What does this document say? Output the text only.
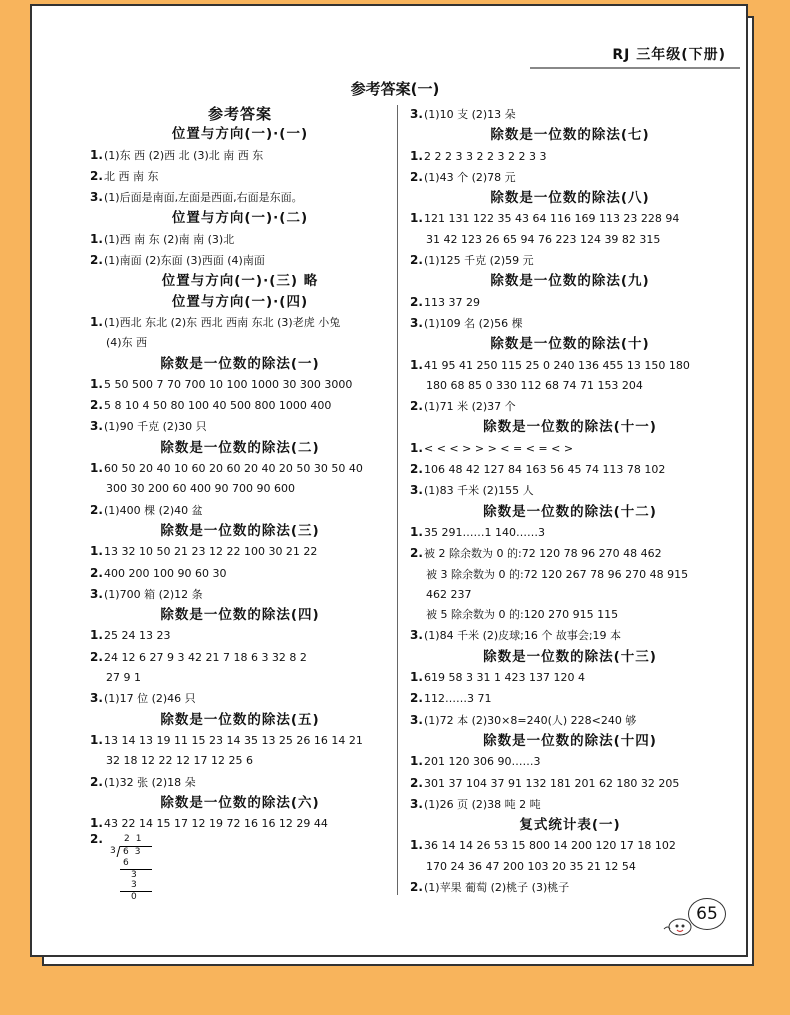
RJ 三年级(下册)
参考答案(一)
参考答案
位置与方向(一)·(一)
1.(1)东 西 (2)西 北 (3)北 南 西 东
2.北 西 南 东
3.(1)后面是南面,左面是西面,右面是东面。
位置与方向(一)·(二)
1.(1)西 南 东 (2)南 南 (3)北
2.(1)南面 (2)东面 (3)西面 (4)南面
位置与方向(一)·(三) 略
位置与方向(一)·(四)
1.(1)西北 东北 (2)东 西北 西南 东北 (3)老虎 小兔
(4)东 西
除数是一位数的除法(一)
1.5 50 500 7 70 700 10 100 1000 30 300 3000
2.5 8 10 4 50 80 100 40 500 800 1000 400
3.(1)90 千克 (2)30 只
除数是一位数的除法(二)
1.60 50 20 40 10 60 20 60 20 40 20 50 30 50 40
300 30 200 60 400 90 700 90 600
2.(1)400 棵 (2)40 盆
除数是一位数的除法(三)
1.13 32 10 50 21 23 12 22 100 30 21 22
2.400 200 100 90 60 30
3.(1)700 箱 (2)12 条
除数是一位数的除法(四)
1.25 24 13 23
2.24 12 6 27 9 3 42 21 7 18 6 3 32 8 2
27 9 1
3.(1)17 位 (2)46 只
除数是一位数的除法(五)
1.13 14 13 19 11 15 23 14 35 13 25 26 16 14 21
32 18 12 22 12 17 12 25 6
2.(1)32 张 (2)18 朵
除数是一位数的除法(六)
1.43 22 14 15 17 12 19 72 16 16 12 29 44
2. 21
3 63
6
3
3
0
3.(1)10 支 (2)13 朵
除数是一位数的除法(七)
1.2 2 2 3 3 2 2 3 2 2 3 3
2.(1)43 个 (2)78 元
除数是一位数的除法(八)
1.121 131 122 35 43 64 116 169 113 23 228 94
31 42 123 26 65 94 76 223 124 39 82 315
2.(1)125 千克 (2)59 元
除数是一位数的除法(九)
2.113 37 29
3.(1)109 名 (2)56 棵
除数是一位数的除法(十)
1.41 95 41 250 115 25 0 240 136 455 13 150 180
180 68 85 0 330 112 68 74 71 153 204
2.(1)71 米 (2)37 个
除数是一位数的除法(十一)
1.< < < > > > < = < = < >
2.106 48 42 127 84 163 56 45 74 113 78 102
3.(1)83 千米 (2)155 人
除数是一位数的除法(十二)
1.35 291……1 140……3
2.被 2 除余数为 0 的:72 120 78 96 270 48 462
被 3 除余数为 0 的:72 120 267 78 96 270 48 915
462 237
被 5 除余数为 0 的:120 270 915 115
3.(1)84 千米 (2)皮球;16 个 故事会;19 本
除数是一位数的除法(十三)
1.619 58 3 31 1 423 137 120 4
2.112……3 71
3.(1)72 本 (2)30×8=240(人) 228<240 够
除数是一位数的除法(十四)
1.201 120 306 90……3
2.301 37 104 37 91 132 181 201 62 180 32 205
3.(1)26 页 (2)38 吨 2 吨
复式统计表(一)
1.36 14 14 26 53 15 800 14 200 120 17 18 102
170 24 36 47 200 103 20 35 21 12 54
2.(1)苹果 葡萄 (2)桃子 (3)桃子
65
